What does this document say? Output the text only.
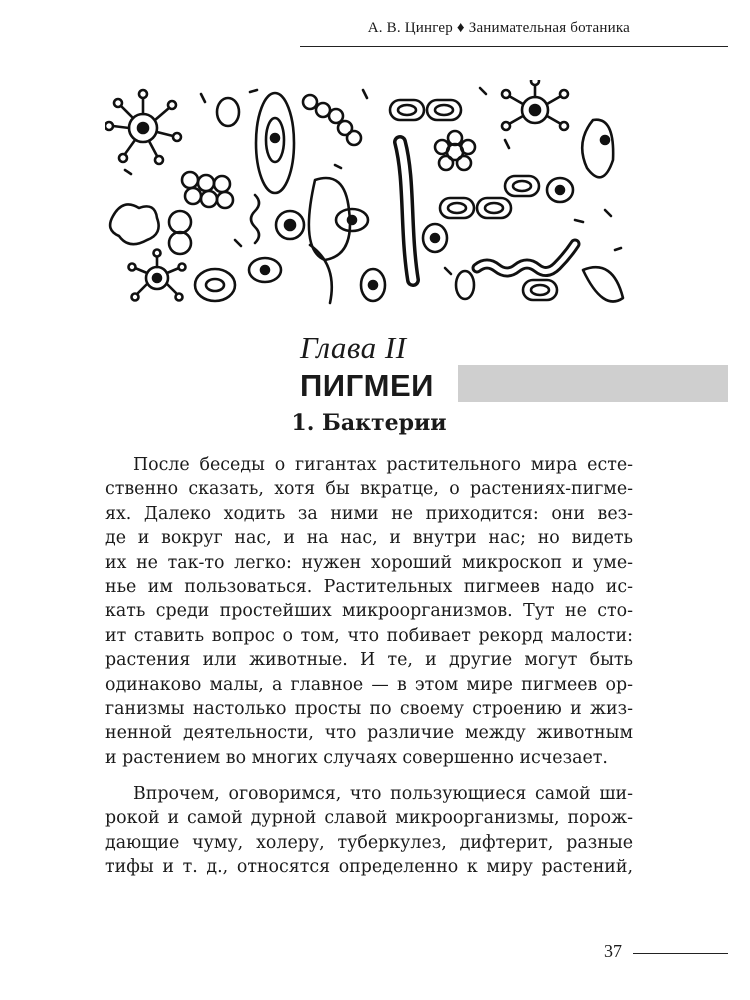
А. В. Цингер ♦ Занимательная ботаника
Глава II
ПИГМЕИ
1. Бактерии
После беседы о гигантах растительного мира есте-
ственно сказать, хотя бы вкратце, о растениях-пигме-
ях. Далеко ходить за ними не приходится: они вез-
де и вокруг нас, и на нас, и внутри нас; но видеть
их не так-то легко: нужен хороший микроскоп и уме-
нье им пользоваться. Растительных пигмеев надо ис-
кать среди простейших микроорганизмов. Тут не сто-
ит ставить вопрос о том, что побивает рекорд малости:
растения или животные. И те, и другие могут быть
одинаково малы, а главное — в этом мире пигмеев ор-
ганизмы настолько просты по своему строению и жиз-
ненной деятельности, что различие между животным
и растением во многих случаях совершенно исчезает.
Впрочем, оговоримся, что пользующиеся самой ши-
рокой и самой дурной славой микроорганизмы, порож-
дающие чуму, холеру, туберкулез, дифтерит, разные
тифы и т. д., относятся определенно к миру растений,
37
